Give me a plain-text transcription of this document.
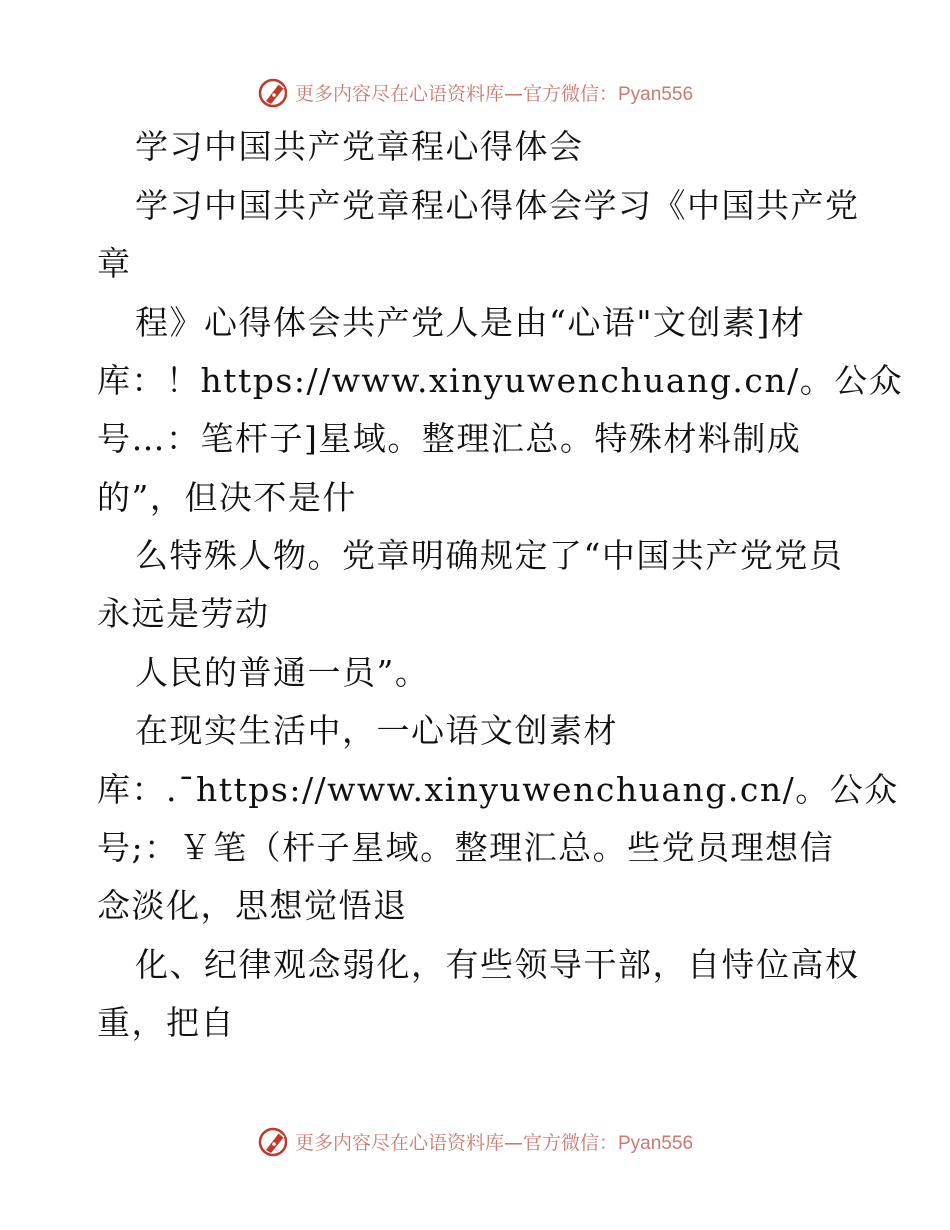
更多内容尽在心语资料库—官方微信：Pyan556
学习中国共产党章程心得体会
学习中国共产党章程心得体会学习《中国共产党
章
程》心得体会共产党人是由“心语"文创素]材
库：！https://www.xinyuwenchuang.cn/。公众
号…：笔杆子]星域。整理汇总。特殊材料制成
的”，但决不是什
么特殊人物。党章明确规定了“中国共产党党员
永远是劳动
人民的普通一员”。
在现实生活中，一心语文创素材
库：.¯https://www.xinyuwenchuang.cn/。公众
号;：￥笔（杆子星域。整理汇总。些党员理想信
念淡化，思想觉悟退
化、纪律观念弱化，有些领导干部，自恃位高权
重，把自
更多内容尽在心语资料库—官方微信：Pyan556
